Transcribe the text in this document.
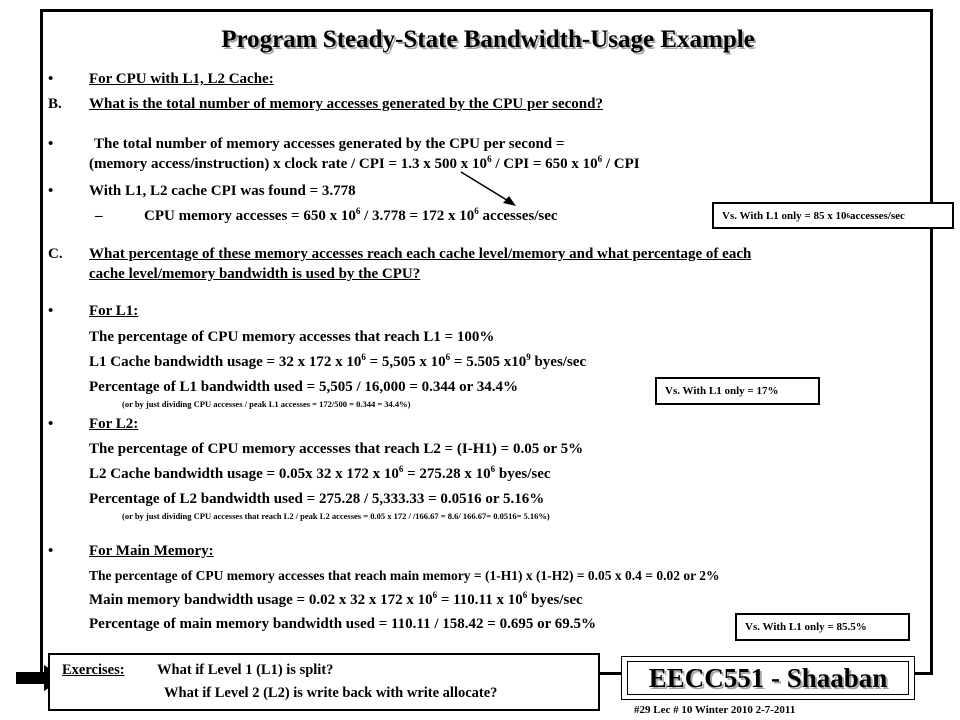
Program Steady-State Bandwidth-Usage Example
• For CPU with L1, L2 Cache:
B. What is the total number of memory accesses generated by the CPU per second?
•	The total number of memory accesses generated by the CPU per second =
(memory access/instruction) x clock rate / CPI = 1.3 x 500 x $10^6$ / CPI = 650 x $10^6$ / CPI
• With L1, L2 cache CPI was found = 3.778
–	CPU memory accesses = 650 x $10^6 / 3.778 = 172$ x $10^6$ accesses/sec	Vs. With L1 only = 85 x 10 6 accesses/sec
C. What percentage of these memory accesses reach each cache level/memory and what percentage of each
cache level/memory bandwidth is used by the CPU?
• For L1:
The percentage of CPU memory accesses that reach L1 = 100%
L1 Cache bandwidth usage = 32 x 172 x $10^6 = 5,505$ x $10^6 = 5.505$ $x10^9$ byes/sec
Percentage of L1 bandwidth used = 5,505 / 16,000 = 0.344 or 34.4%
(or by just dividing CPU accesses / peak L1 accesses = 172/500 = 0.344 = 34.4%)
Vs. With L1 only = 17%
• For L2:
The percentage of CPU memory accesses that reach L2 = (I-H1) = 0.05 or 5%
L2 Cache bandwidth usage = 0.05x 32 x 172 x $10^6 = 275.28$ x $10^6$ byes/sec
Percentage of L2 bandwidth used = 275.28 / 5,333.33 = 0.0516 or 5.16%
(or by just dividing CPU accesses that reach L2 / peak L2 accesses = 0.05 x 172 / /166.67 = 8.6/ 166.67= 0.0516= 5.16%)
• For Main Memory:
The percentage of CPU memory accesses that reach main memory = (1-H1) x (1-H2) = 0.05 x 0.4 = 0.02 or 2%
Main memory bandwidth usage = 0.02 x 32 x 172 x $10^6 = 110.11$ x $10^6$ byes/sec
Percentage of main memory bandwidth used = 110.11 / 158.42 = 0.695 or 69.5%	Vs. With L1 only = 85.5%
Exercises: What if Level 1 (L1) is split?
What if Level 2 (L2) is write back with write allocate?
EECC551 - Shaaban
#29 Lec # 10 Winter 2010 2-7-2011
